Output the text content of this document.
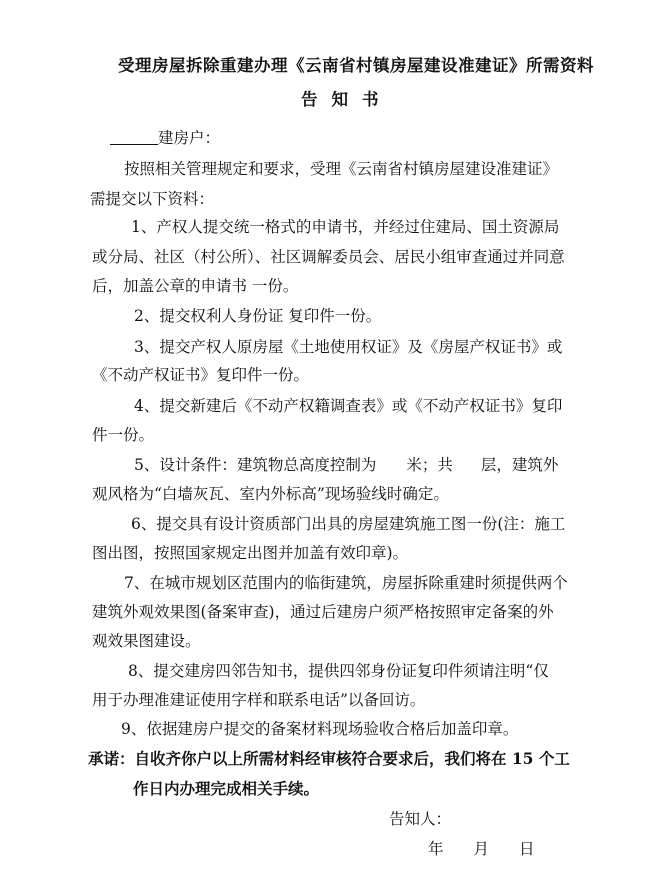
受理房屋拆除重建办理《云南省村镇房屋建设准建证》所需资料
告知书
建房户：
按照相关管理规定和要求，受理《云南省村镇房屋建设准建证》
需提交以下资料：
1、产权人提交统一格式的申请书，并经过住建局、国土资源局
或分局、社区（村公所）、社区调解委员会、居民小组审查通过并同意
后，加盖公章的申请书 一份。
2、提交权利人身份证 复印件一份。
3、提交产权人原房屋《土地使用权证》及《房屋产权证书》或
《不动产权证书》复印件一份。
4、提交新建后《不动产权籍调查表》或《不动产权证书》复印
件一份。
5、设计条件：建筑物总高度控制为 米；共 层，建筑外
观风格为“白墙灰瓦、室内外标高”现场验线时确定。
6、提交具有设计资质部门出具的房屋建筑施工图一份(注：施工
图出图，按照国家规定出图并加盖有效印章)。
7、在城市规划区范围内的临街建筑，房屋拆除重建时须提供两个
建筑外观效果图(备案审查)，通过后建房户须严格按照审定备案的外
观效果图建设。
8、提交建房四邻告知书，提供四邻身份证复印件须请注明“仅
用于办理准建证使用字样和联系电话”以备回访。
9、依据建房户提交的备案材料现场验收合格后加盖印章。
承诺：自收齐你户以上所需材料经审核符合要求后，我们将在 15 个工
作日内办理完成相关手续。
告知人：
年 月 日
